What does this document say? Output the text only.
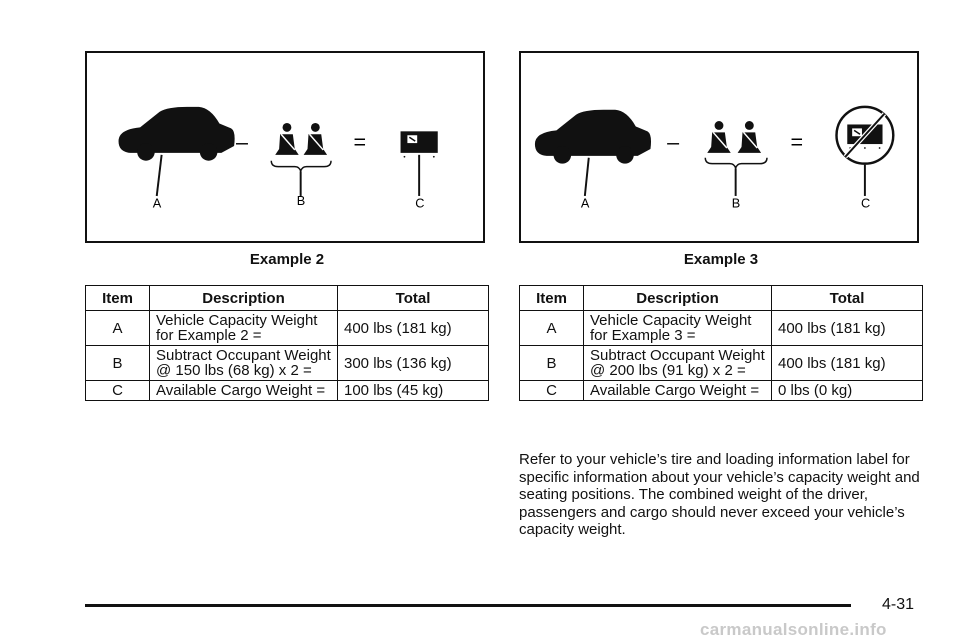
A
–
B
=
C
Example 2
Item	Description	Total
A	Vehicle Capacity Weight for Example 2 =	400 lbs (181 kg)
B	Subtract Occupant Weight @ 150 lbs (68 kg) x 2 =	300 lbs (136 kg)
C	Available Cargo Weight =	100 lbs (45 kg)
A
–
B
=
C
Example 3
Item	Description	Total
A	Vehicle Capacity Weight for Example 3 =	400 lbs (181 kg)
B	Subtract Occupant Weight @ 200 lbs (91 kg) x 2 =	400 lbs (181 kg)
C	Available Cargo Weight =	0 lbs (0 kg)

Refer to your vehicle’s tire and loading information label for specific information about your vehicle’s capacity weight and seating positions. The combined weight of the driver, passengers and cargo should never exceed your vehicle’s capacity weight.

4-31
carmanualsonline.info
